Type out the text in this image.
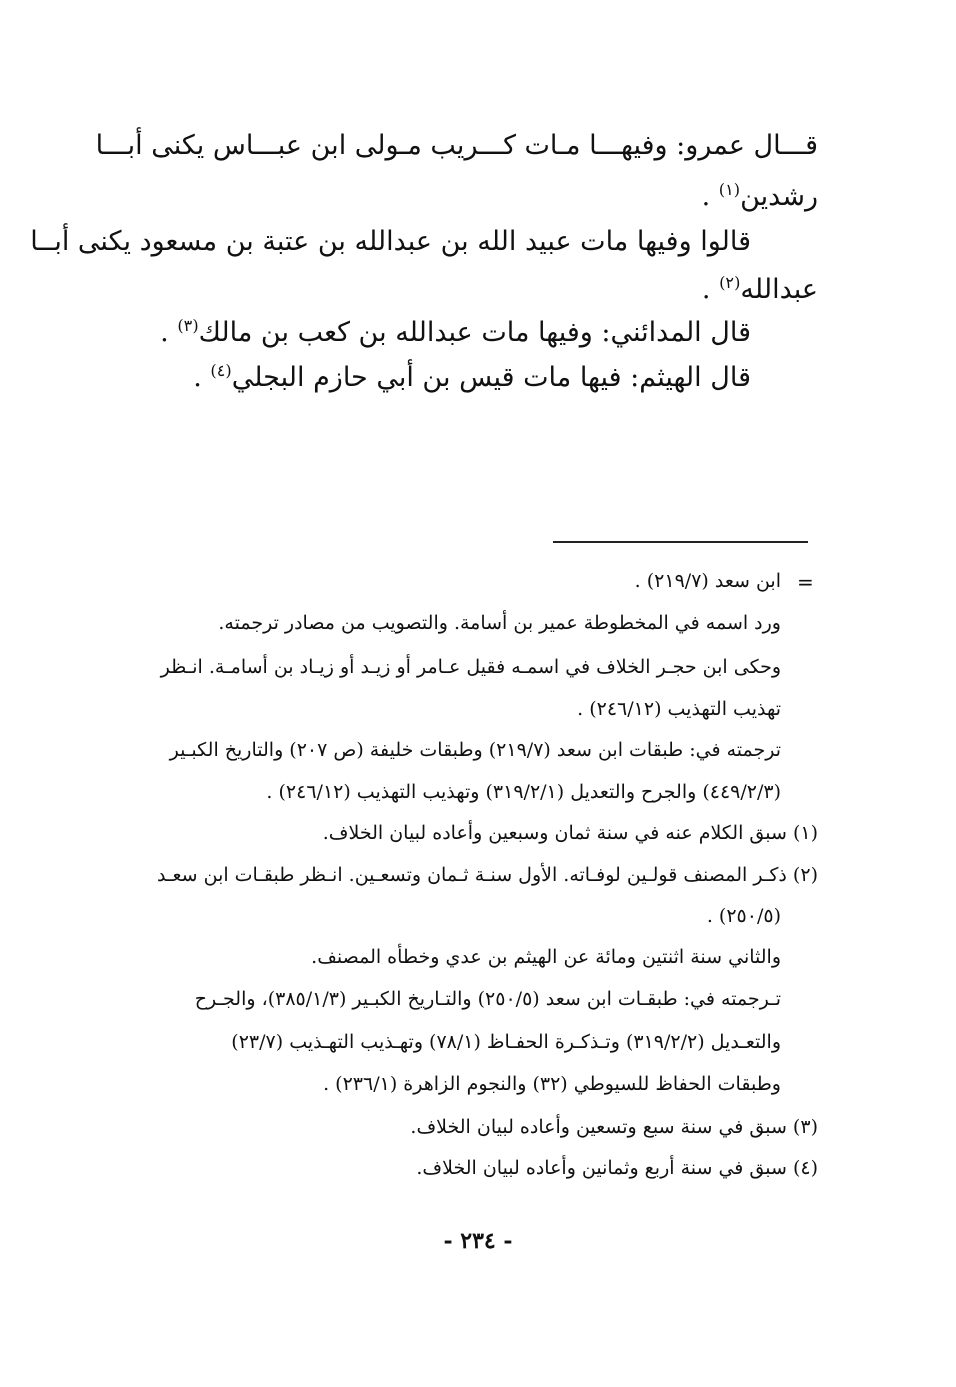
قـــال عمرو: وفيهـــا مـات كـــريب مـولى ابن عبـــاس يكنى أبـــا

رشدين$^{(١)}$ .

قالوا وفيها مات عبيد الله بن عبدالله بن عتبة بن مسعود يكنى أبــا

عبدالله$^{(٢)}$ .

قال المدائني: وفيها مات عبدالله بن كعب بن مالك$^{(٣)}$ .

قال الهيثم: فيها مات قيس بن أبي حازم البجلي$^{(٤)}$ .

=

ابن سعد (٢١٩/٧) .

ورد اسمه في المخطوطة عمير بن أسامة. والتصويب من مصادر ترجمته.

وحكى ابن حجـر الخلاف في اسمـه فقيل عـامر أو زيـد أو زيـاد بن أسامـة. انـظر

تهذيب التهذيب (٢٤٦/١٢) .

ترجمته في: طبقات ابن سعد (٢١٩/٧) وطبقات خليفة (ص ٢٠٧) والتاريخ الكبـير

(٤٤٩/٢/٣) والجرح والتعديل (٣١٩/٢/١) وتهذيب التهذيب (٢٤٦/١٢) .

(١) سبق الكلام عنه في سنة ثمان وسبعين وأعاده لبيان الخلاف.

(٢) ذكـر المصنف قولـين لوفـاته. الأول سنـة ثـمان وتسعـين. انـظر طبقـات ابن سعـد

(٢٥٠/٥) .

والثاني سنة اثنتين ومائة عن الهيثم بن عدي وخطأه المصنف.

تـرجمته في: طبقـات ابن سعد (٢٥٠/٥) والتـاريخ الكبـير (٣٨٥/١/٣)، والجـرح

والتعـديل (٣١٩/٢/٢) وتـذكـرة الحفـاظ (٧٨/١) وتهـذيب التهـذيب (٢٣/٧)

وطبقات الحفاظ للسيوطي (٣٢) والنجوم الزاهرة (٢٣٦/١) .

(٣) سبق في سنة سبع وتسعين وأعاده لبيان الخلاف.

(٤) سبق في سنة أربع وثمانين وأعاده لبيان الخلاف.

- ٢٣٤ -
